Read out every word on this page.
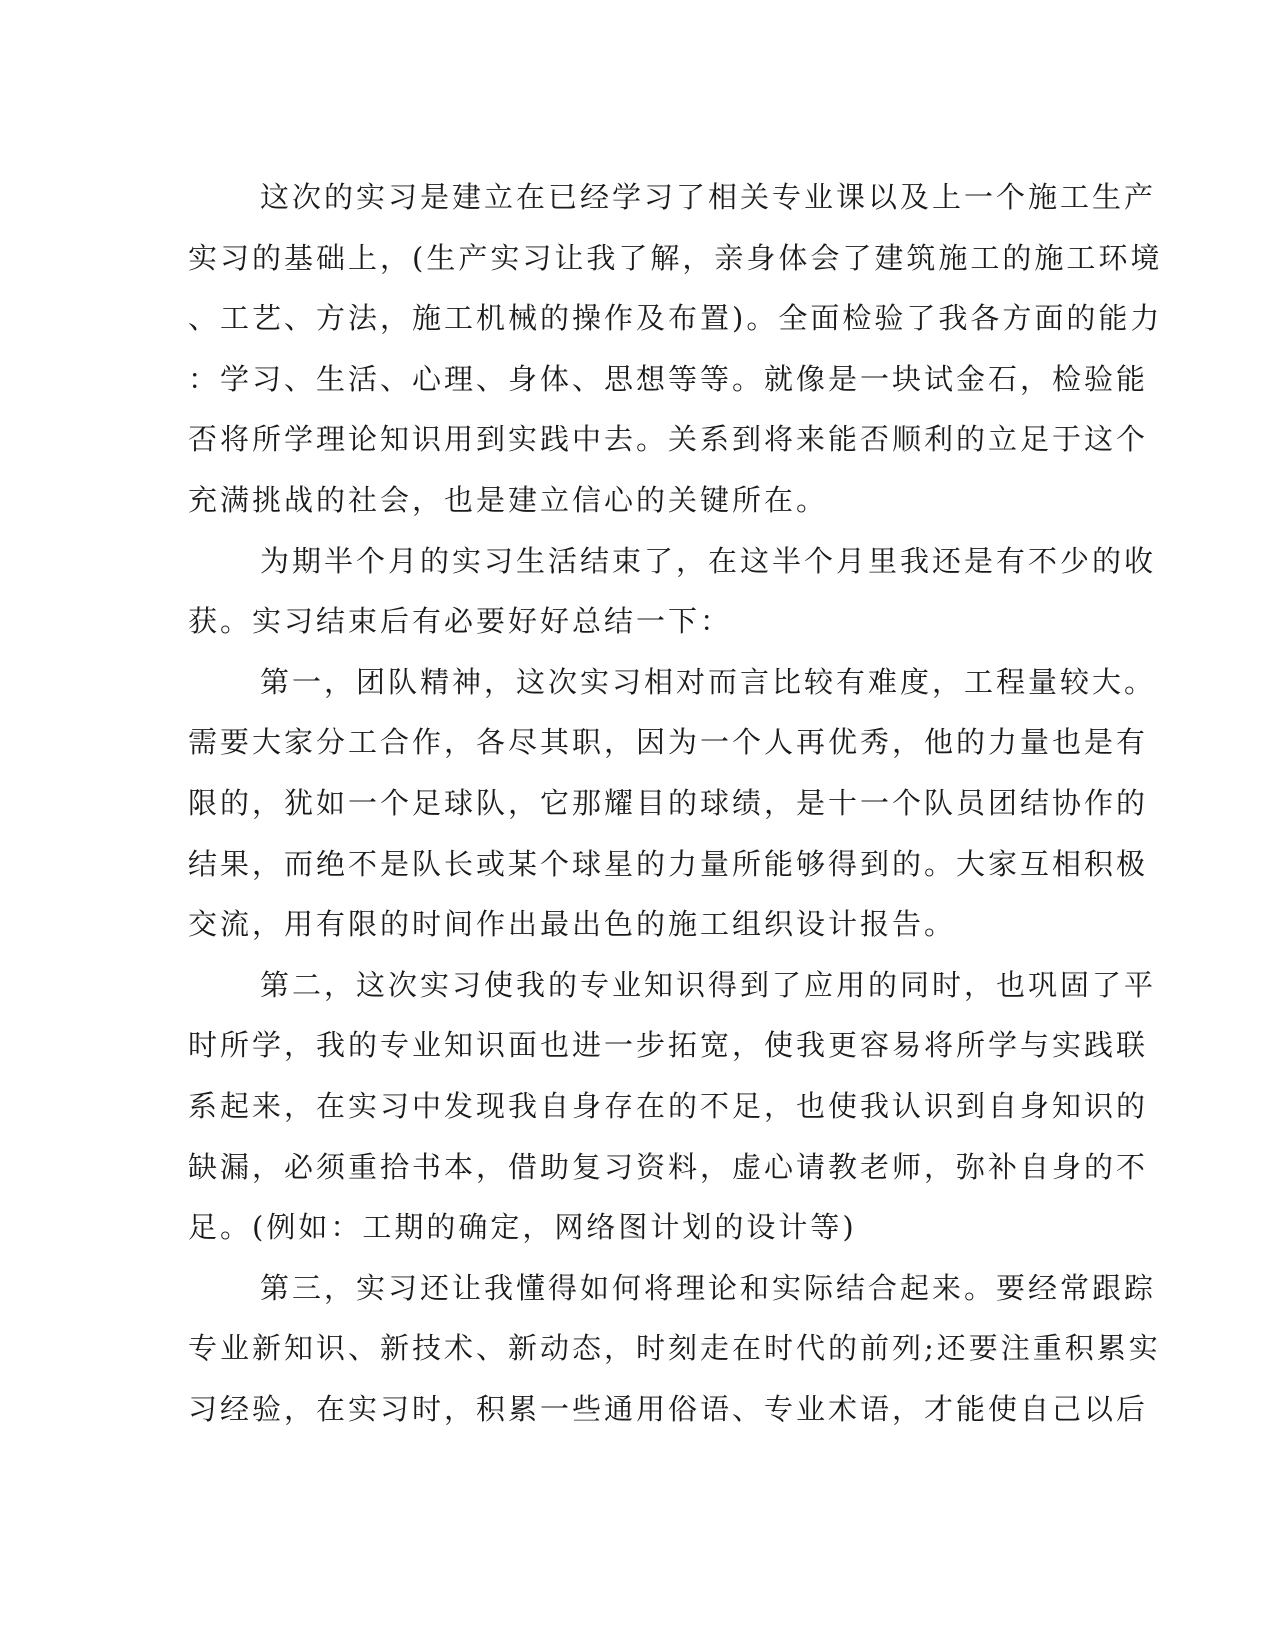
这次的实习是建立在已经学习了相关专业课以及上一个施工生产
实习的基础上，(生产实习让我了解，亲身体会了建筑施工的施工环境
、工艺、方法，施工机械的操作及布置)。全面检验了我各方面的能力
：学习、生活、心理、身体、思想等等。就像是一块试金石，检验能
否将所学理论知识用到实践中去。关系到将来能否顺利的立足于这个
充满挑战的社会，也是建立信心的关键所在。
为期半个月的实习生活结束了，在这半个月里我还是有不少的收
获。实习结束后有必要好好总结一下：
第一，团队精神，这次实习相对而言比较有难度，工程量较大。
需要大家分工合作，各尽其职，因为一个人再优秀，他的力量也是有
限的，犹如一个足球队，它那耀目的球绩，是十一个队员团结协作的
结果，而绝不是队长或某个球星的力量所能够得到的。大家互相积极
交流，用有限的时间作出最出色的施工组织设计报告。
第二，这次实习使我的专业知识得到了应用的同时，也巩固了平
时所学，我的专业知识面也进一步拓宽，使我更容易将所学与实践联
系起来，在实习中发现我自身存在的不足，也使我认识到自身知识的
缺漏，必须重拾书本，借助复习资料，虚心请教老师，弥补自身的不
足。(例如：工期的确定，网络图计划的设计等)
第三，实习还让我懂得如何将理论和实际结合起来。要经常跟踪
专业新知识、新技术、新动态，时刻走在时代的前列;还要注重积累实
习经验，在实习时，积累一些通用俗语、专业术语，才能使自己以后
